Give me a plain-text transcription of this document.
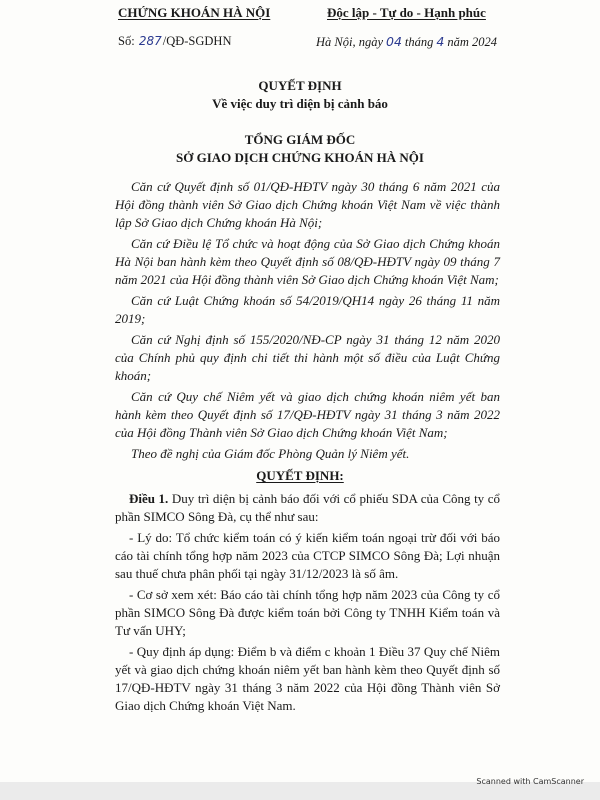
CHỨNG KHOÁN HÀ NỘI	Độc lập - Tự do - Hạnh phúc
Số: 287/QĐ-SGDHN	Hà Nội, ngày 04 tháng 4 năm 2024
QUYẾT ĐỊNH
Về việc duy trì diện bị cảnh báo
TỔNG GIÁM ĐỐC
SỞ GIAO DỊCH CHỨNG KHOÁN HÀ NỘI

Căn cứ Quyết định số 01/QĐ-HĐTV ngày 30 tháng 6 năm 2021 của Hội đồng thành viên Sở Giao dịch Chứng khoán Việt Nam về việc thành lập Sở Giao dịch Chứng khoán Hà Nội;

Căn cứ Điều lệ Tổ chức và hoạt động của Sở Giao dịch Chứng khoán Hà Nội ban hành kèm theo Quyết định số 08/QĐ-HĐTV ngày 09 tháng 7 năm 2021 của Hội đồng thành viên Sở Giao dịch Chứng khoán Việt Nam;

Căn cứ Luật Chứng khoán số 54/2019/QH14 ngày 26 tháng 11 năm 2019;

Căn cứ Nghị định số 155/2020/NĐ-CP ngày 31 tháng 12 năm 2020 của Chính phủ quy định chi tiết thi hành một số điều của Luật Chứng khoán;

Căn cứ Quy chế Niêm yết và giao dịch chứng khoán niêm yết ban hành kèm theo Quyết định số 17/QĐ-HĐTV ngày 31 tháng 3 năm 2022 của Hội đồng Thành viên Sở Giao dịch Chứng khoán Việt Nam;

Theo đề nghị của Giám đốc Phòng Quản lý Niêm yết.

QUYẾT ĐỊNH:

Điều 1. Duy trì diện bị cảnh báo đối với cổ phiếu SDA của Công ty cổ phần SIMCO Sông Đà, cụ thể như sau:

- Lý do: Tổ chức kiểm toán có ý kiến kiểm toán ngoại trừ đối với báo cáo tài chính tổng hợp năm 2023 của CTCP SIMCO Sông Đà; Lợi nhuận sau thuế chưa phân phối tại ngày 31/12/2023 là số âm.

- Cơ sở xem xét: Báo cáo tài chính tổng hợp năm 2023 của Công ty cổ phần SIMCO Sông Đà được kiểm toán bởi Công ty TNHH Kiểm toán và Tư vấn UHY;

- Quy định áp dụng: Điểm b và điểm c khoản 1 Điều 37 Quy chế Niêm yết và giao dịch chứng khoán niêm yết ban hành kèm theo Quyết định số 17/QĐ-HĐTV ngày 31 tháng 3 năm 2022 của Hội đồng Thành viên Sở Giao dịch Chứng khoán Việt Nam.

Scanned with CamScanner
